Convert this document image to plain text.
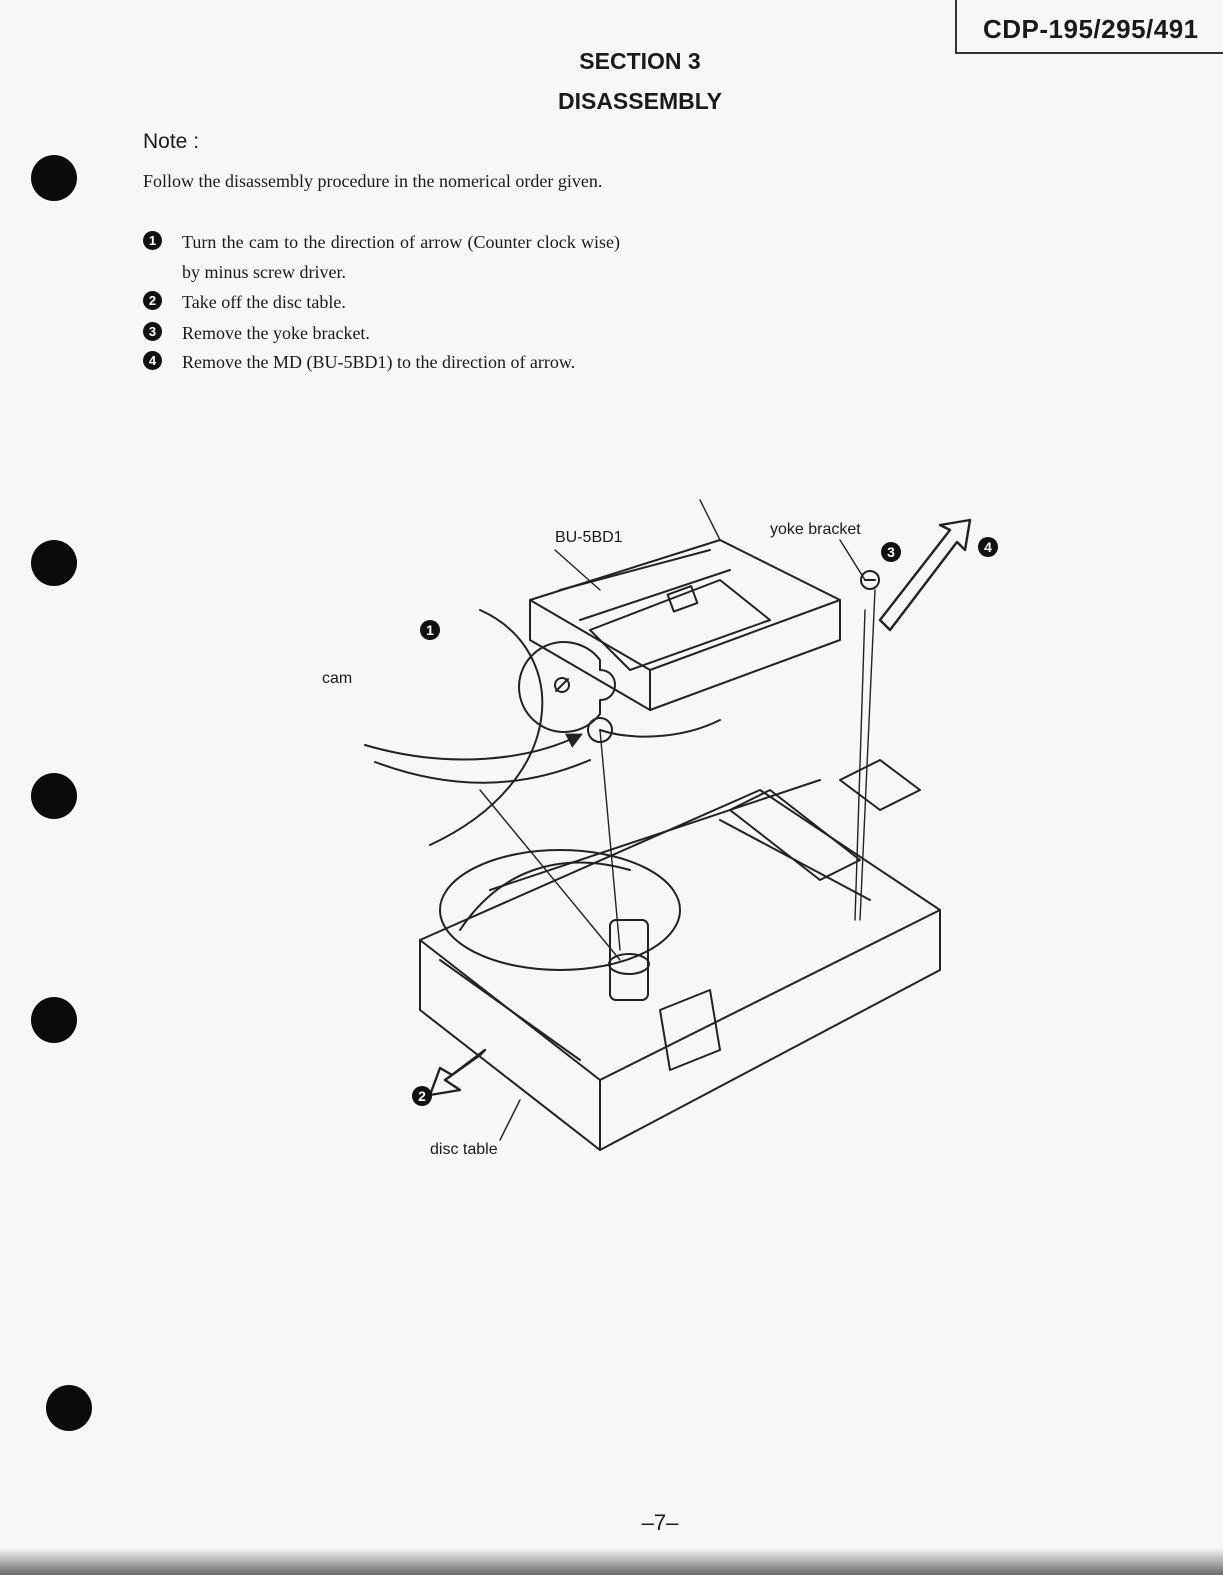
CDP-195/295/491
SECTION 3
DISASSEMBLY
Note :
Follow the disassembly procedure in the nomerical order given.
1	Turn the cam to the direction of arrow (Counter clock wise) by minus screw driver.
2	Take off the disc table.
3	Remove the yoke bracket.
4	Remove the MD (BU-5BD1) to the direction of arrow.
BU-5BD1	yoke bracket
cam
disc table
1
2
3	4
–7–
